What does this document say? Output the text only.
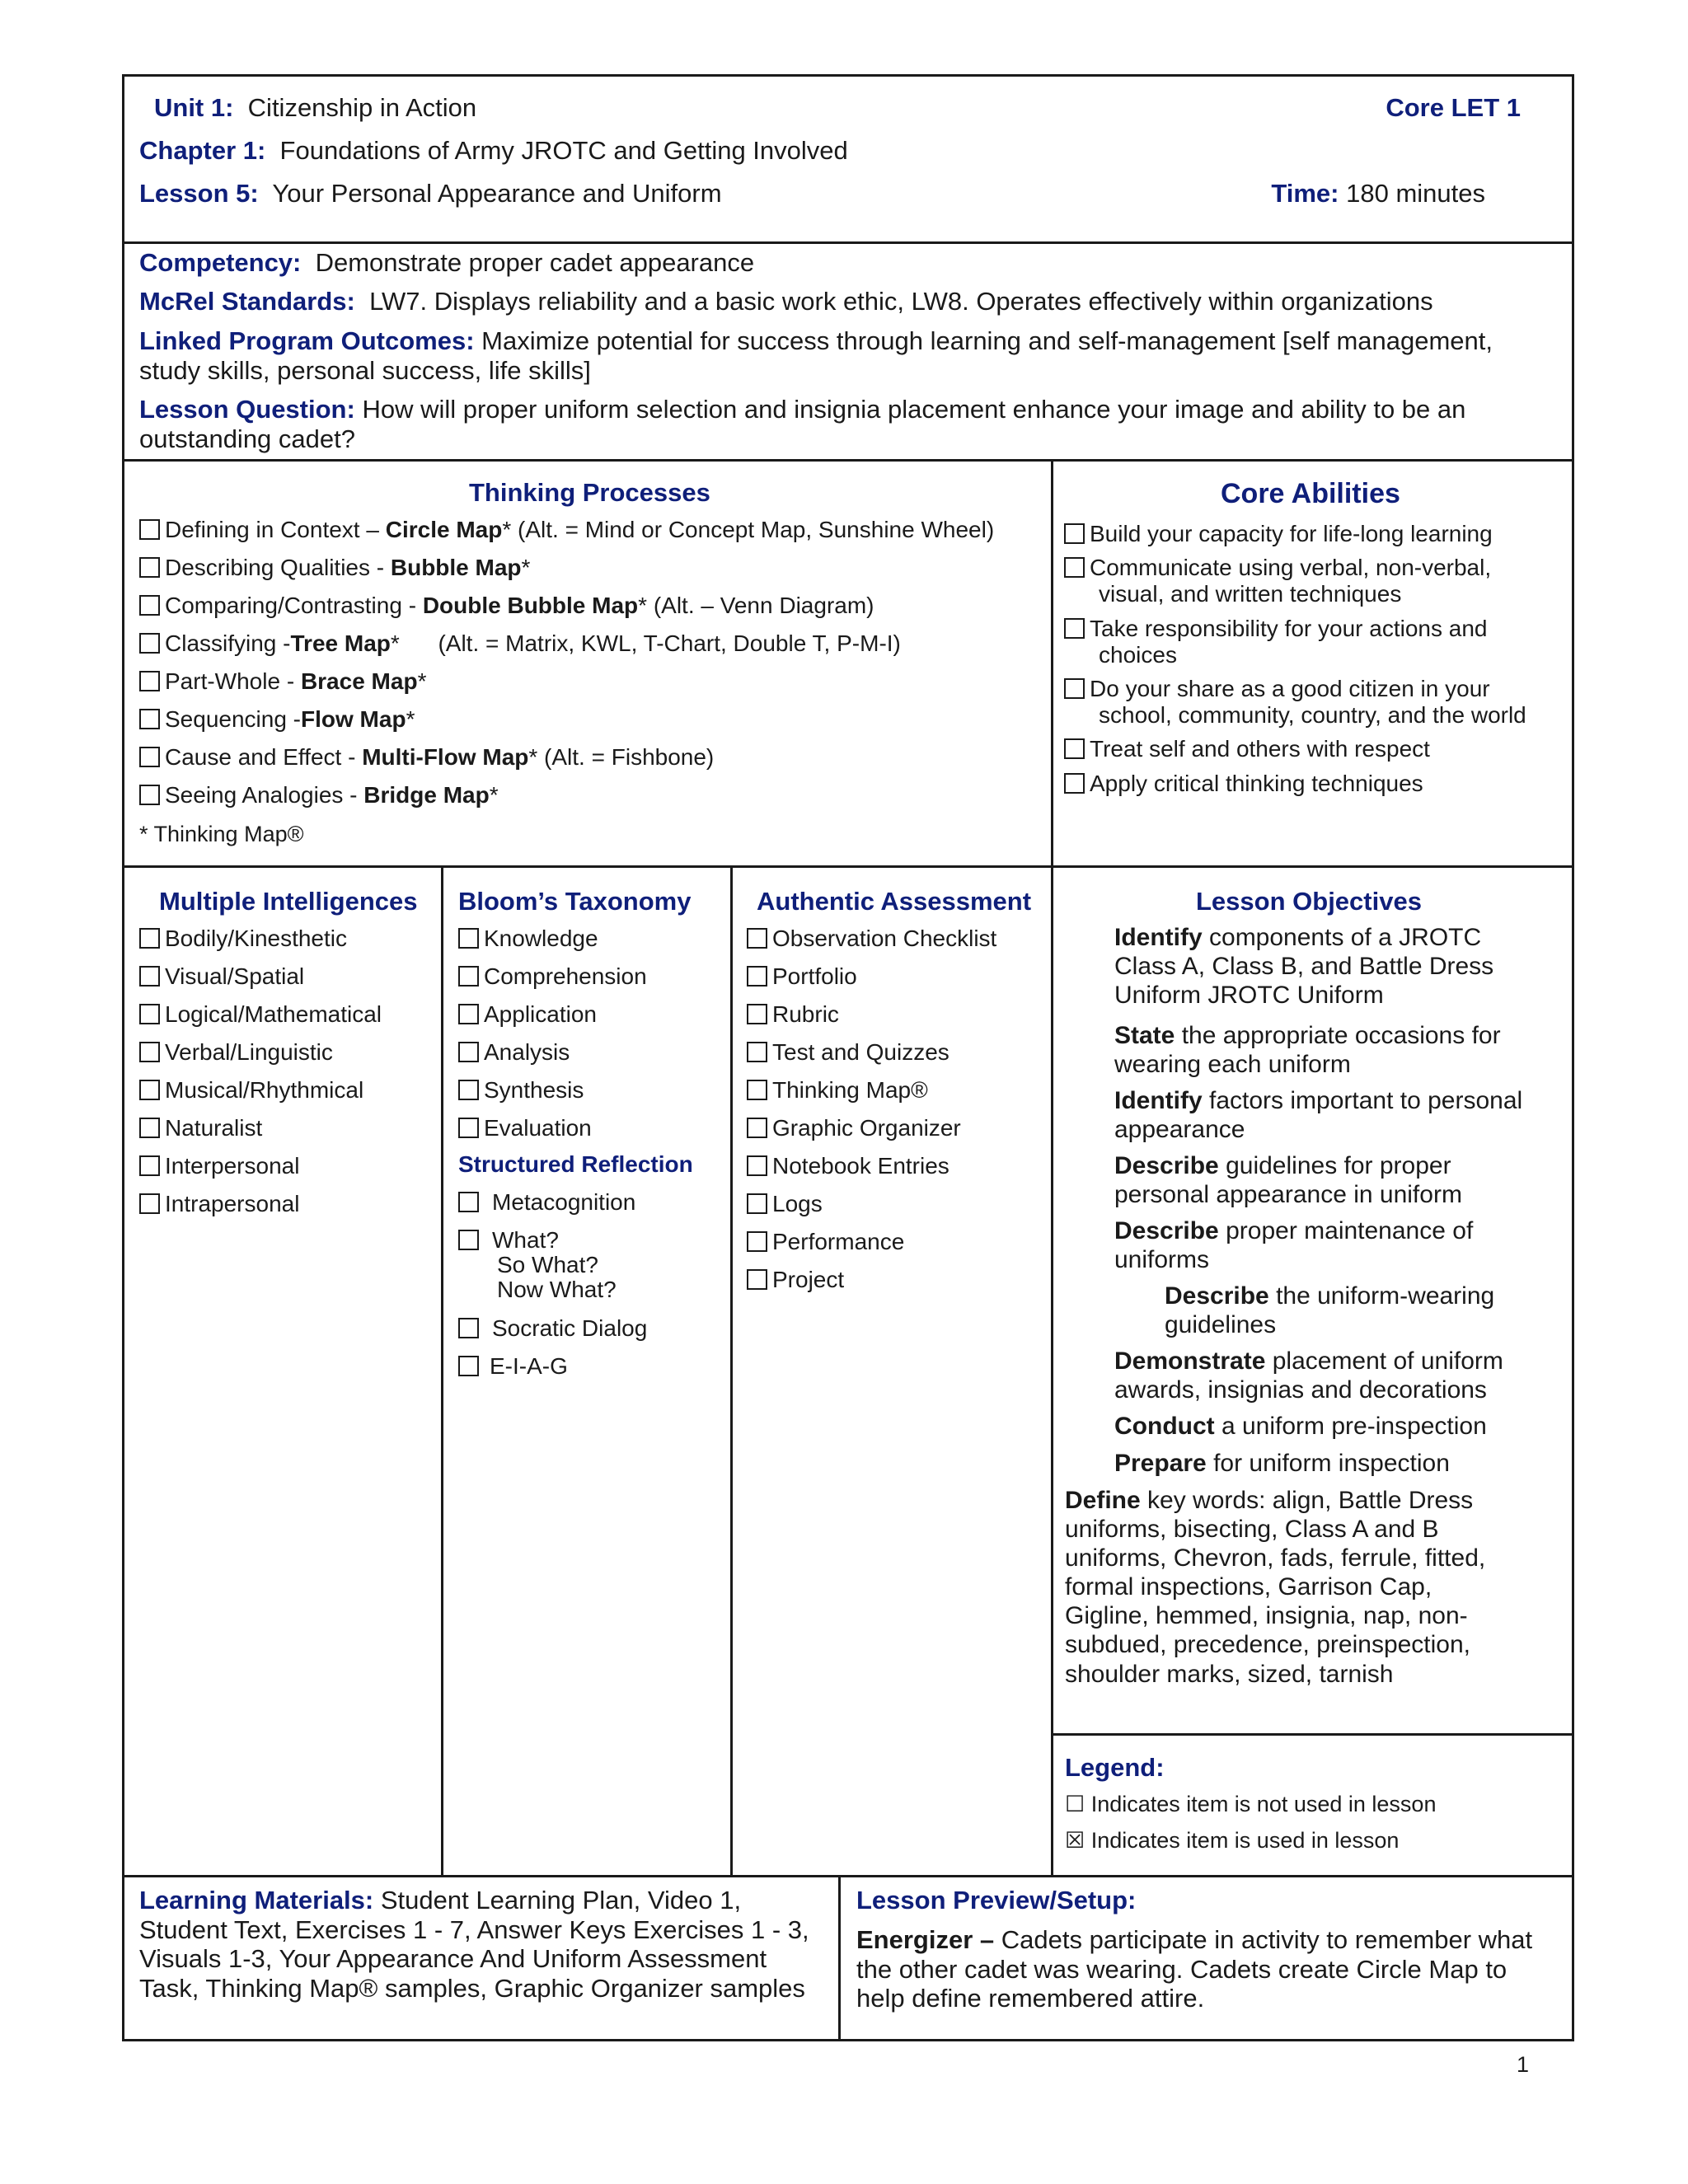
Unit 1: Citizenship in Action	Core LET 1
Chapter 1: Foundations of Army JROTC and Getting Involved
Lesson 5: Your Personal Appearance and Uniform	Time: 180 minutes
Competency: Demonstrate proper cadet appearance
McRel Standards: LW7. Displays reliability and a basic work ethic, LW8. Operates effectively within organizations
Linked Program Outcomes: Maximize potential for success through learning and self-management [self management, study skills, personal success, life skills]
Lesson Question: How will proper uniform selection and insignia placement enhance your image and ability to be an outstanding cadet?
Thinking Processes
Defining in Context – Circle Map* (Alt. = Mind or Concept Map, Sunshine Wheel)
Describing Qualities - Bubble Map*
Comparing/Contrasting - Double Bubble Map* (Alt. – Venn Diagram)
Classifying -Tree Map*      (Alt. = Matrix, KWL, T-Chart, Double T, P-M-I)
Part-Whole - Brace Map*
Sequencing -Flow Map*
Cause and Effect - Multi-Flow Map* (Alt. = Fishbone)
Seeing Analogies - Bridge Map*
* Thinking Map®
Core Abilities
Build your capacity for life-long learning
Communicate using verbal, non-verbal,
visual, and written techniques
Take responsibility for your actions and
choices
Do your share as a good citizen in your
school, community, country, and the world
Treat self and others with respect
Apply critical thinking techniques
Multiple Intelligences
Bodily/Kinesthetic
Visual/Spatial
Logical/Mathematical
Verbal/Linguistic
Musical/Rhythmical
Naturalist
Interpersonal
Intrapersonal
Bloom’s Taxonomy
Knowledge
Comprehension
Application
Analysis
Synthesis
Evaluation
Structured Reflection
Metacognition
What?
So What?
Now What?
Socratic Dialog
E-I-A-G
Authentic Assessment
Observation Checklist
Portfolio
Rubric
Test and Quizzes
Thinking Map®
Graphic Organizer
Notebook Entries
Logs
Performance
Project
Lesson Objectives
Identify components of a JROTC Class A, Class B, and Battle Dress Uniform JROTC Uniform
State the appropriate occasions for wearing each uniform
Identify factors important to personal appearance
Describe guidelines for proper personal appearance in uniform
Describe proper maintenance of uniforms
Describe the uniform-wearing guidelines
Demonstrate placement of uniform awards, insignias and decorations
Conduct a uniform pre-inspection
Prepare for uniform inspection
Define key words: align, Battle Dress uniforms, bisecting, Class A and B uniforms, Chevron, fads, ferrule, fitted, formal inspections, Garrison Cap, Gigline, hemmed, insignia, nap, non-subdued, precedence, preinspection, shoulder marks, sized, tarnish
Legend:
☐ Indicates item is not used in lesson
☒ Indicates item is used in lesson
Learning Materials: Student Learning Plan, Video 1, Student Text, Exercises 1 - 7, Answer Keys Exercises 1 - 3, Visuals 1-3, Your Appearance And Uniform Assessment Task, Thinking Map® samples, Graphic Organizer samples
Lesson Preview/Setup:
Energizer – Cadets participate in activity to remember what the other cadet was wearing. Cadets create Circle Map to help define remembered attire.
1
